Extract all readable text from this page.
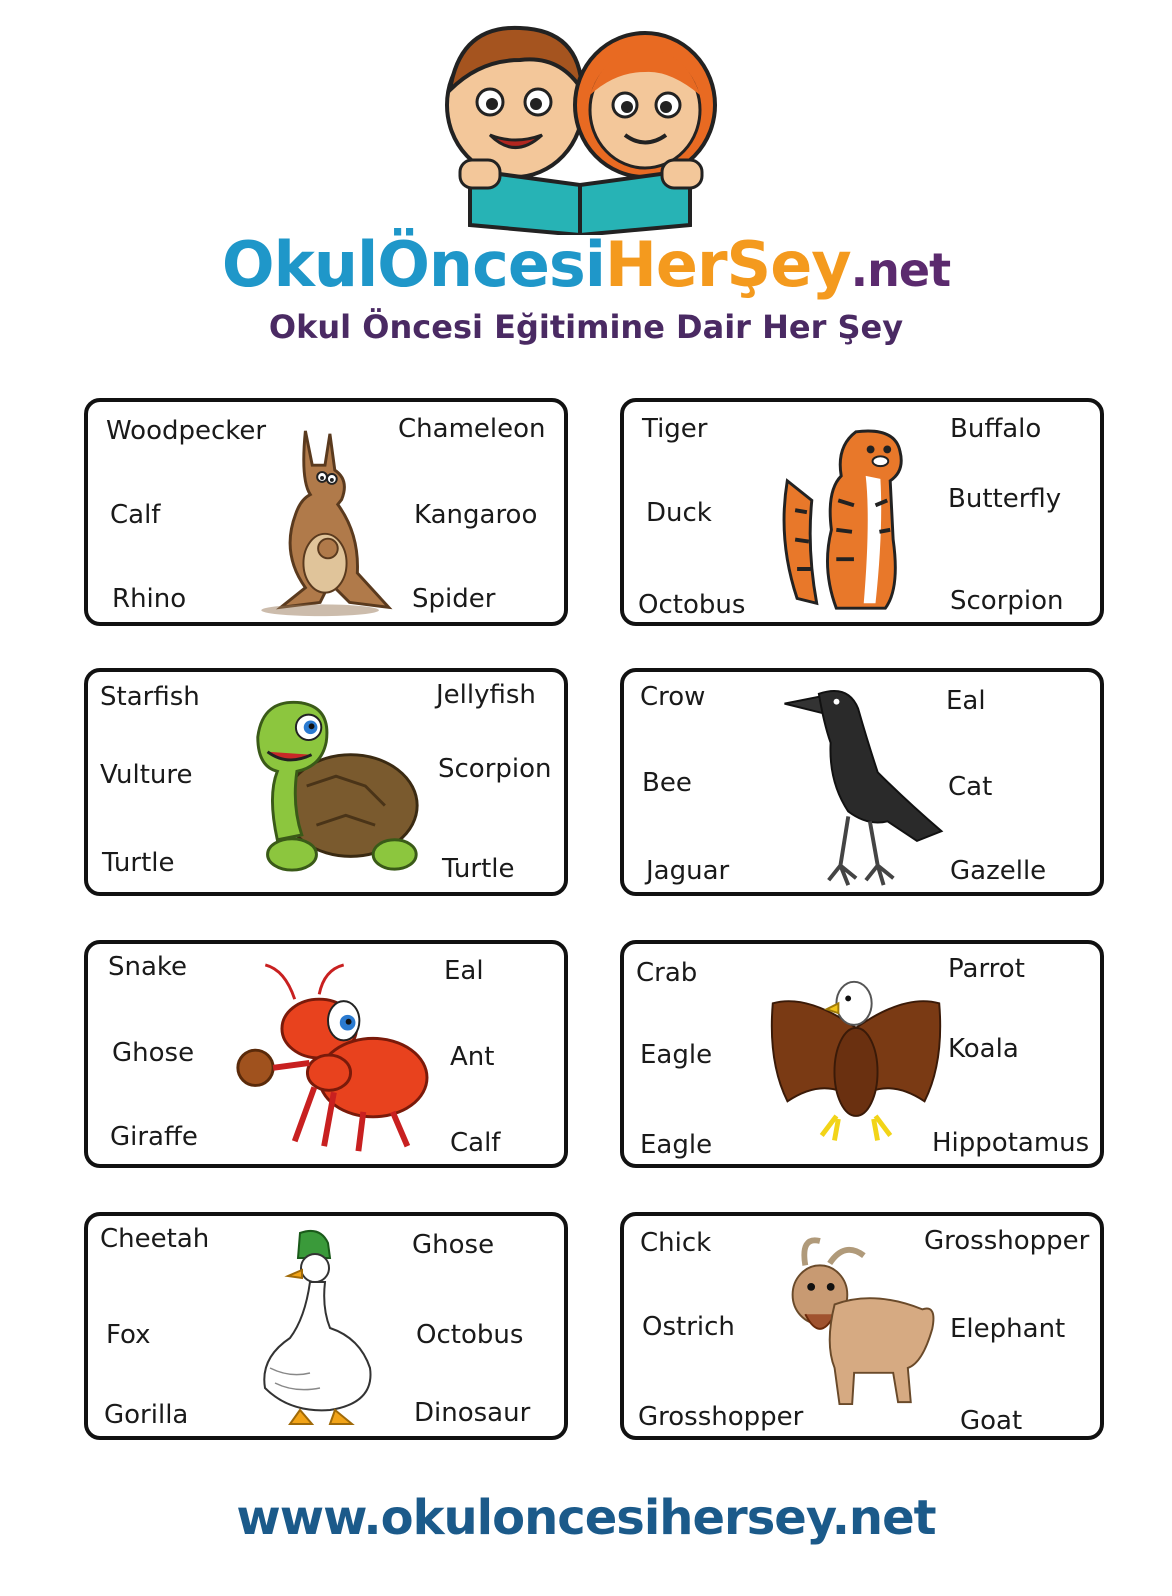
OkulÖncesiHerŞey.net
Okul Öncesi Eğitimine Dair Her Şey
Woodpecker
Calf
Rhino
Chameleon
Kangaroo
Spider
Tiger
Duck
Octobus
Buffalo
Butterfly
Scorpion
Starfish
Vulture
Turtle
Jellyfish
Scorpion
Turtle
Crow
Bee
Jaguar
Eal
Cat
Gazelle
Snake
Ghose
Giraffe
Eal
Ant
Calf
Crab
Eagle
Eagle
Parrot
Koala
Hippotamus
Cheetah
Fox
Gorilla
Ghose
Octobus
Dinosaur
Chick
Ostrich
Grosshopper
Grosshopper
Elephant
Goat
www.okuloncesihersey.net
